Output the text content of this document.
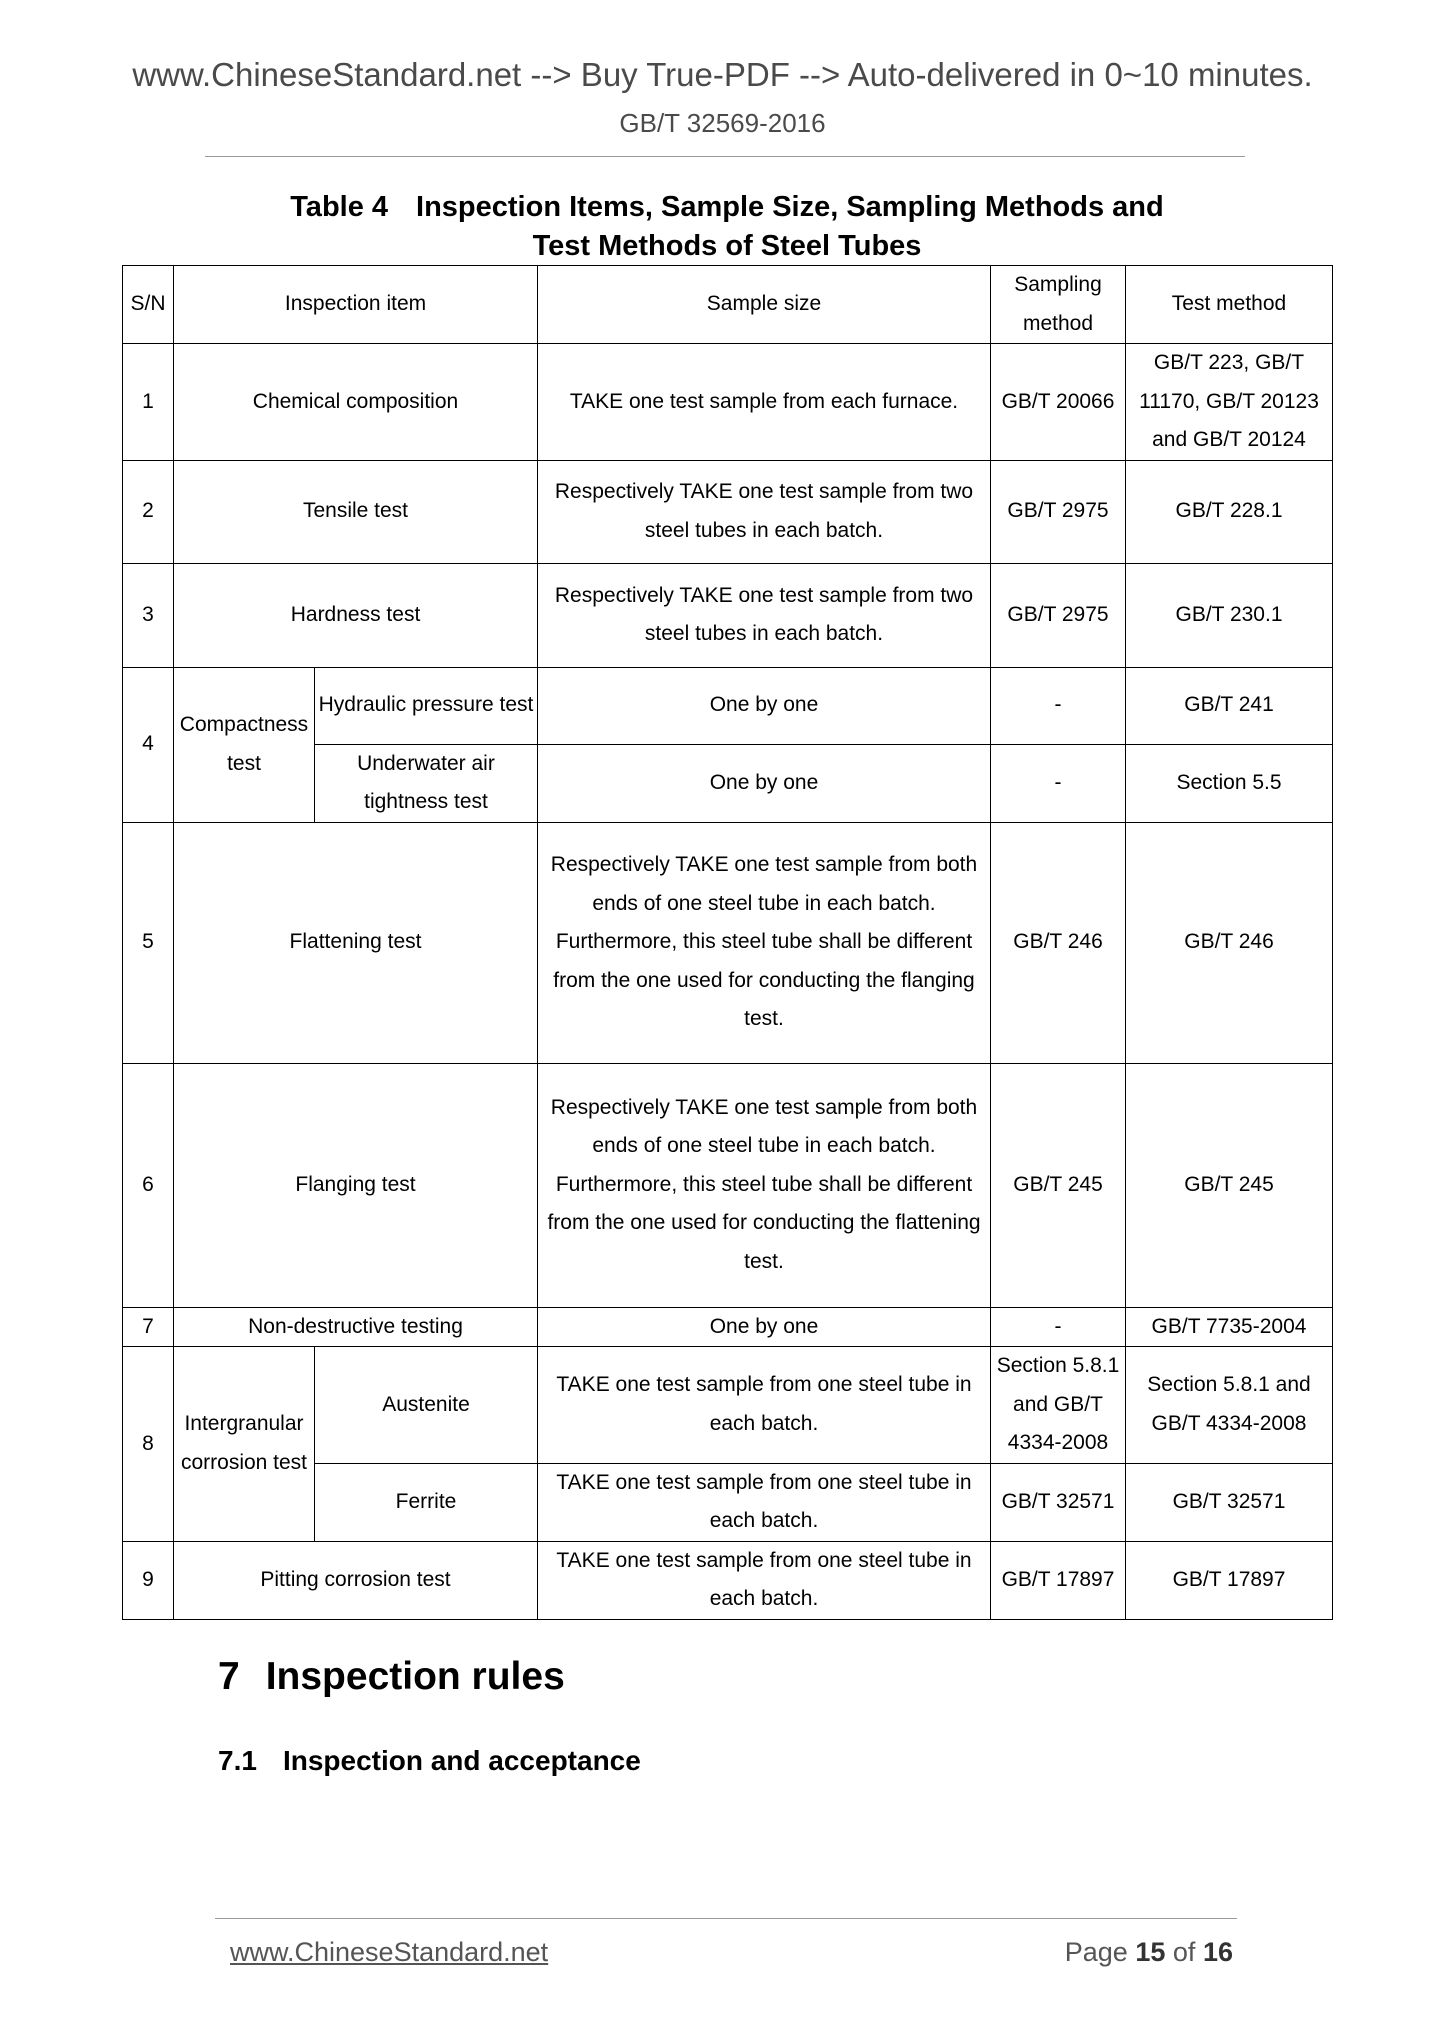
www.ChineseStandard.net --> Buy True-PDF --> Auto-delivered in 0~10 minutes.
GB/T 32569-2016
Table 4 Inspection Items, Sample Size, Sampling Methods and
Test Methods of Steel Tubes
S/N	Inspection item		Sample size	Sampling method	Test method
1	Chemical composition		TAKE one test sample from each furnace.	GB/T 20066	GB/T 223, GB/T 11170, GB/T 20123 and GB/T 20124
2	Tensile test		Respectively TAKE one test sample from two steel tubes in each batch.	GB/T 2975	GB/T 228.1
3	Hardness test		Respectively TAKE one test sample from two steel tubes in each batch.	GB/T 2975	GB/T 230.1
4	Compactness test	Hydraulic pressure test	One by one	-	GB/T 241
		Underwater air tightness test	One by one	-	Section 5.5
5	Flattening test		Respectively TAKE one test sample from both ends of one steel tube in each batch. Furthermore, this steel tube shall be different from the one used for conducting the flanging test.	GB/T 246	GB/T 246
6	Flanging test		Respectively TAKE one test sample from both ends of one steel tube in each batch. Furthermore, this steel tube shall be different from the one used for conducting the flattening test.	GB/T 245	GB/T 245
7	Non-destructive testing		One by one	-	GB/T 7735-2004
8	Intergranular corrosion test	Austenite	TAKE one test sample from one steel tube in each batch.	Section 5.8.1 and GB/T 4334-2008	Section 5.8.1 and GB/T 4334-2008
		Ferrite	TAKE one test sample from one steel tube in each batch.	GB/T 32571	GB/T 32571
9	Pitting corrosion test		TAKE one test sample from one steel tube in each batch.	GB/T 17897	GB/T 17897
7 Inspection rules
7.1 Inspection and acceptance
www.ChineseStandard.net	Page 15 of 16
